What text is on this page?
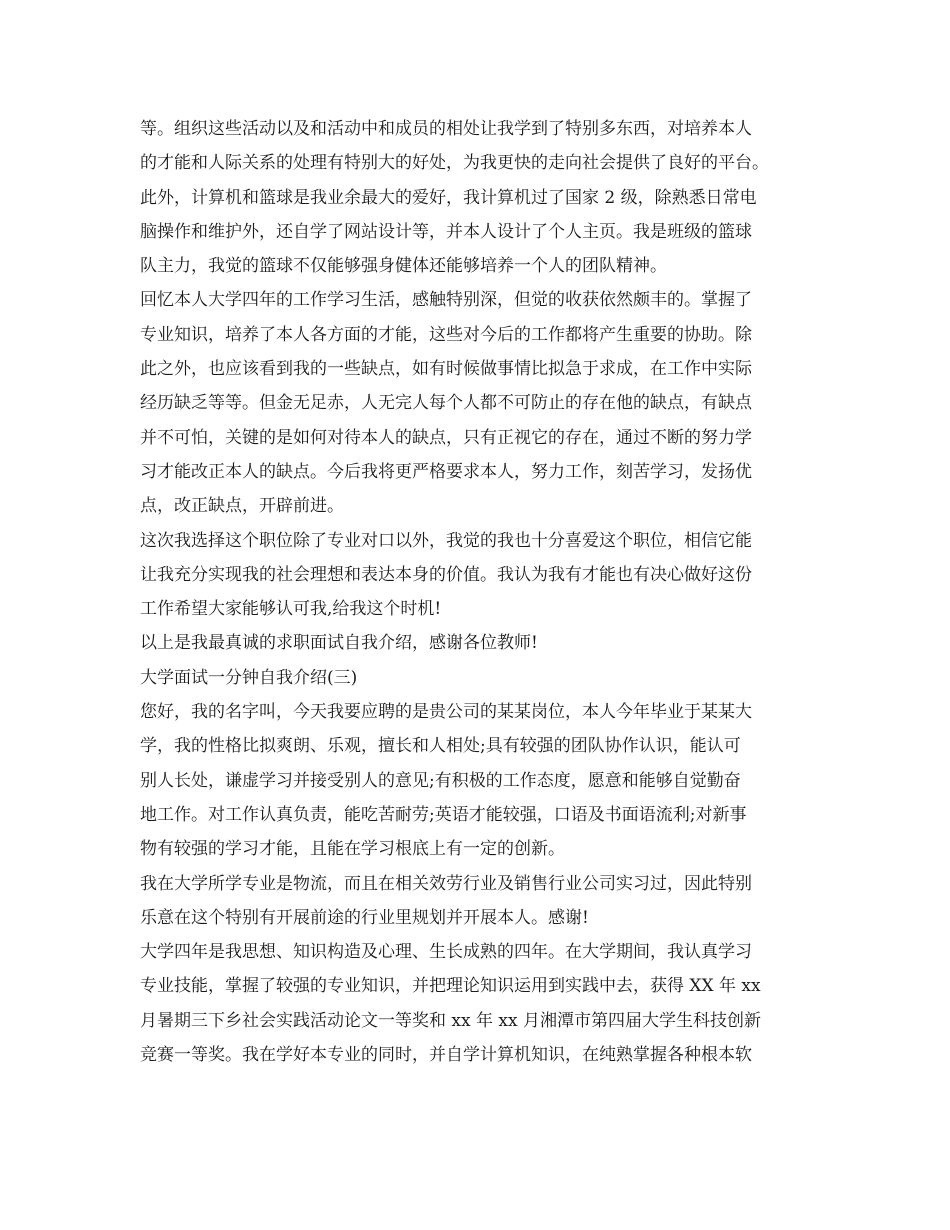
等。组织这些活动以及和活动中和成员的相处让我学到了特别多东西，对培养本人
的才能和人际关系的处理有特别大的好处，为我更快的走向社会提供了良好的平台。
此外，计算机和篮球是我业余最大的爱好，我计算机过了国家 2 级，除熟悉日常电
脑操作和维护外，还自学了网站设计等，并本人设计了个人主页。我是班级的篮球
队主力，我觉的篮球不仅能够强身健体还能够培养一个人的团队精神。
回忆本人大学四年的工作学习生活，感触特别深，但觉的收获依然颇丰的。掌握了
专业知识，培养了本人各方面的才能，这些对今后的工作都将产生重要的协助。除
此之外，也应该看到我的一些缺点，如有时候做事情比拟急于求成，在工作中实际
经历缺乏等等。但金无足赤，人无完人每个人都不可防止的存在他的缺点，有缺点
并不可怕，关键的是如何对待本人的缺点，只有正视它的存在，通过不断的努力学
习才能改正本人的缺点。今后我将更严格要求本人，努力工作，刻苦学习，发扬优
点，改正缺点，开辟前进。
这次我选择这个职位除了专业对口以外，我觉的我也十分喜爱这个职位，相信它能
让我充分实现我的社会理想和表达本身的价值。我认为我有才能也有决心做好这份
工作希望大家能够认可我,给我这个时机!
以上是我最真诚的求职面试自我介绍，感谢各位教师!
大学面试一分钟自我介绍(三)
您好，我的名字叫，今天我要应聘的是贵公司的某某岗位，本人今年毕业于某某大
学，我的性格比拟爽朗、乐观，擅长和人相处;具有较强的团队协作认识，能认可
别人长处，谦虚学习并接受别人的意见;有积极的工作态度，愿意和能够自觉勤奋
地工作。对工作认真负责，能吃苦耐劳;英语才能较强，口语及书面语流利;对新事
物有较强的学习才能，且能在学习根底上有一定的创新。
我在大学所学专业是物流，而且在相关效劳行业及销售行业公司实习过，因此特别
乐意在这个特别有开展前途的行业里规划并开展本人。感谢!
大学四年是我思想、知识构造及心理、生长成熟的四年。在大学期间，我认真学习
专业技能，掌握了较强的专业知识，并把理论知识运用到实践中去，获得 XX 年 xx
月暑期三下乡社会实践活动论文一等奖和 xx 年 xx 月湘潭市第四届大学生科技创新
竞赛一等奖。我在学好本专业的同时，并自学计算机知识，在纯熟掌握各种根本软
